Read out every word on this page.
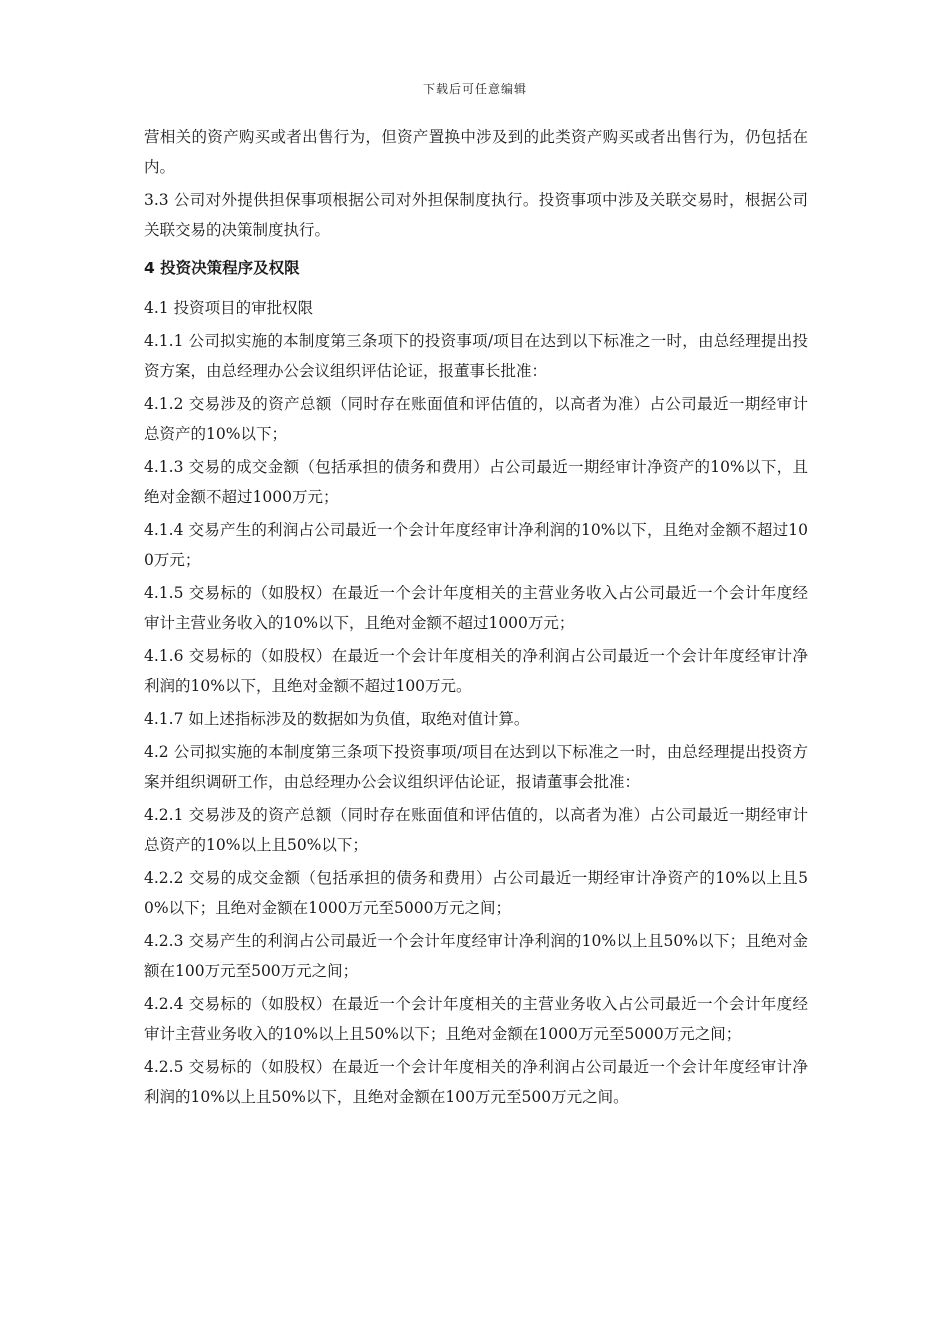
下载后可任意编辑

营相关的资产购买或者出售行为，但资产置换中涉及到的此类资产购买或者出售行为，仍包括在内。

3.3 公司对外提供担保事项根据公司对外担保制度执行。投资事项中涉及关联交易时，根据公司关联交易的决策制度执行。

4 投资决策程序及权限

4.1 投资项目的审批权限

4.1.1 公司拟实施的本制度第三条项下的投资事项/项目在达到以下标准之一时，由总经理提出投资方案，由总经理办公会议组织评估论证，报董事长批准：

4.1.2 交易涉及的资产总额（同时存在账面值和评估值的，以高者为准）占公司最近一期经审计总资产的10%以下；

4.1.3 交易的成交金额（包括承担的债务和费用）占公司最近一期经审计净资产的10%以下，且绝对金额不超过1000万元；

4.1.4 交易产生的利润占公司最近一个会计年度经审计净利润的10%以下，且绝对金额不超过100万元；

4.1.5 交易标的（如股权）在最近一个会计年度相关的主营业务收入占公司最近一个会计年度经审计主营业务收入的10%以下，且绝对金额不超过1000万元；

4.1.6 交易标的（如股权）在最近一个会计年度相关的净利润占公司最近一个会计年度经审计净利润的10%以下，且绝对金额不超过100万元。

4.1.7 如上述指标涉及的数据如为负值，取绝对值计算。

4.2 公司拟实施的本制度第三条项下投资事项/项目在达到以下标准之一时，由总经理提出投资方案并组织调研工作，由总经理办公会议组织评估论证，报请董事会批准：

4.2.1 交易涉及的资产总额（同时存在账面值和评估值的，以高者为准）占公司最近一期经审计总资产的10%以上且50%以下；

4.2.2 交易的成交金额（包括承担的债务和费用）占公司最近一期经审计净资产的10%以上且50%以下；且绝对金额在1000万元至5000万元之间；

4.2.3 交易产生的利润占公司最近一个会计年度经审计净利润的10%以上且50%以下；且绝对金额在100万元至500万元之间；

4.2.4 交易标的（如股权）在最近一个会计年度相关的主营业务收入占公司最近一个会计年度经审计主营业务收入的10%以上且50%以下；且绝对金额在1000万元至5000万元之间；

4.2.5 交易标的（如股权）在最近一个会计年度相关的净利润占公司最近一个会计年度经审计净利润的10%以上且50%以下，且绝对金额在100万元至500万元之间。
